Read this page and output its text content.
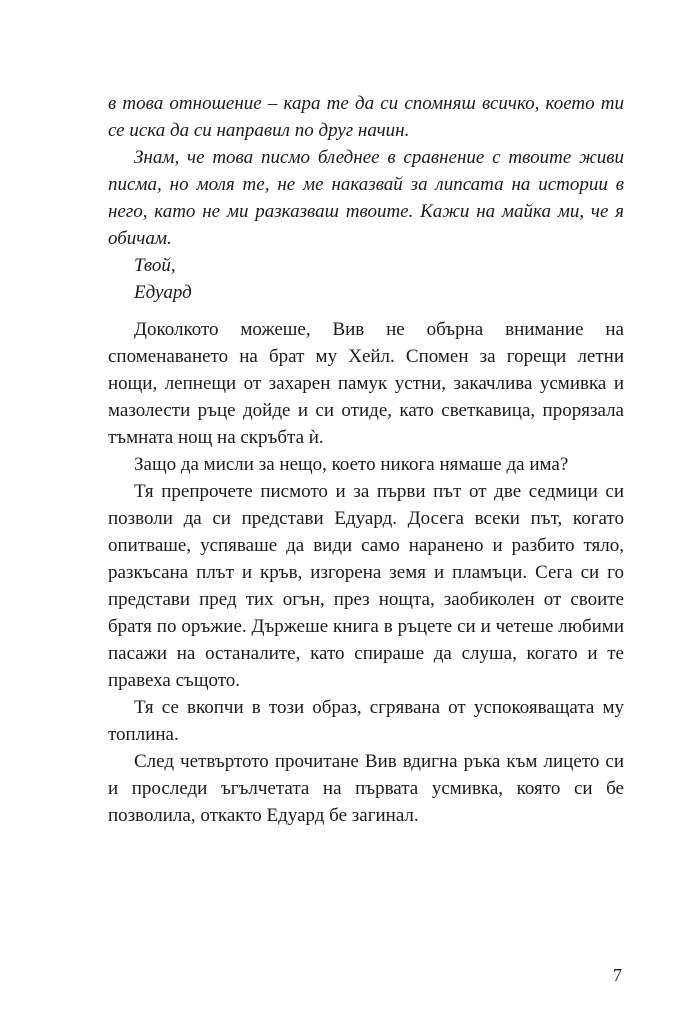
в това отношение – кара те да си спомняш всичко, което ти се иска да си направил по друг начин.

Знам, че това писмо бледнее в сравнение с твоите живи писма, но моля те, не ме наказвай за липсата на истории в него, като не ми разказваш твоите. Кажи на майка ми, че я обичам.

Твой,

Едуард

Доколкото можеше, Вив не обърна внимание на споменаването на брат му Хейл. Спомен за горещи летни нощи, лепнещи от захарен памук устни, закачлива усмивка и мазолести ръце дойде и си отиде, като светкавица, прорязала тъмната нощ на скръбта ѝ.

Защо да мисли за нещо, което никога нямаше да има?

Тя препрочете писмото и за първи път от две седмици си позволи да си представи Едуард. Досега всеки път, когато опитваше, успяваше да види само наранено и разбито тяло, разкъсана плът и кръв, изгорена земя и пламъци. Сега си го представи пред тих огън, през нощта, заобиколен от своите братя по оръжие. Държеше книга в ръцете си и четеше любими пасажи на останалите, като спираше да слуша, когато и те правеха същото.

Тя се вкопчи в този образ, сгрявана от успокояващата му топлина.

След четвъртото прочитане Вив вдигна ръка към лицето си и проследи ъгълчетата на първата усмивка, която си бе позволила, откакто Едуард бе загинал.

7
